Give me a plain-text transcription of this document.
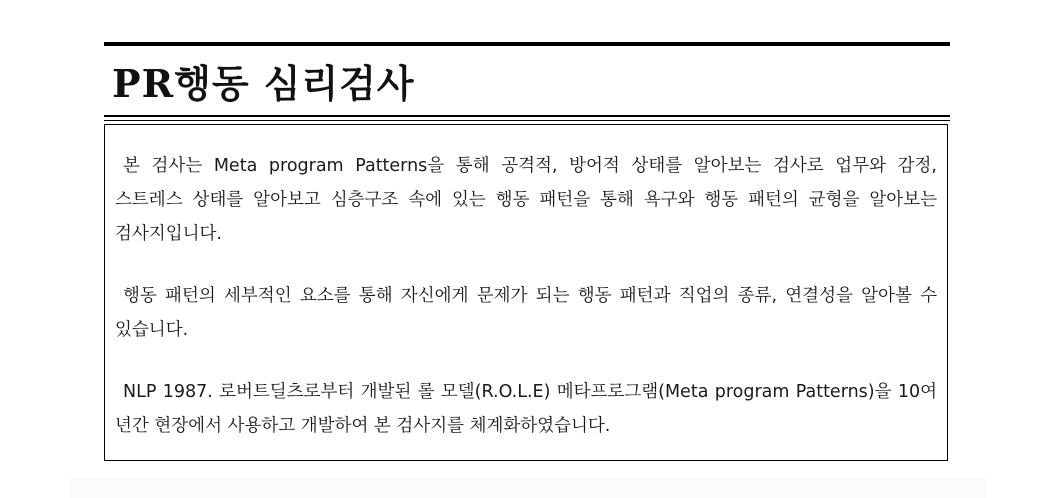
PR행동 심리검사

본 검사는 Meta program Patterns을 통해 공격적, 방어적 상태를 알아보는 검사로 업무와 감정, 스트레스 상태를 알아보고 심층구조 속에 있는 행동 패턴을 통해 욕구와 행동 패턴의 균형을 알아보는 검사지입니다.

행동 패턴의 세부적인 요소를 통해 자신에게 문제가 되는 행동 패턴과 직업의 종류, 연결성을 알아볼 수 있습니다.

NLP 1987. 로버트딜츠로부터 개발된 롤 모델(R.O.L.E) 메타프로그램(Meta program Patterns)을 10여 년간 현장에서 사용하고 개발하여 본 검사지를 체계화하였습니다.
